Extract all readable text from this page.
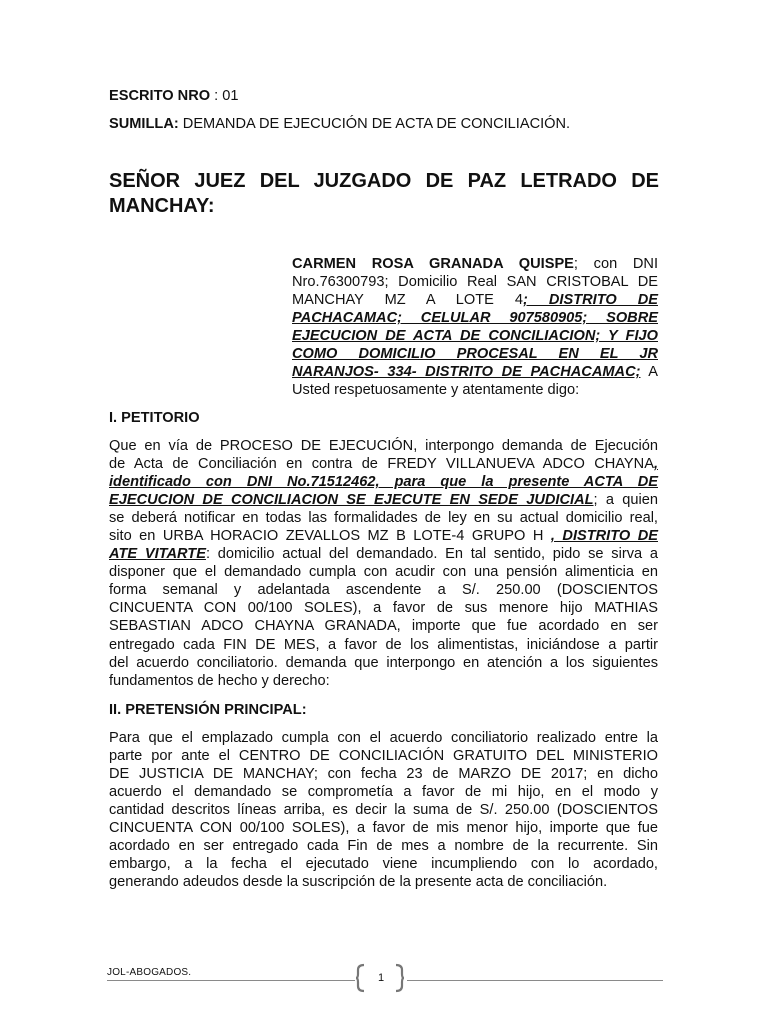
ESCRITO NRO : 01
SUMILLA: DEMANDA DE EJECUCIÓN DE ACTA DE CONCILIACIÓN.
SEÑOR JUEZ DEL JUZGADO DE PAZ LETRADO DE
MANCHAY:
CARMEN ROSA GRANADA QUISPE; con DNI
Nro.76300793; Domicilio Real SAN CRISTOBAL DE
MANCHAY MZ A LOTE 4; DISTRITO DE
PACHACAMAC; CELULAR 907580905; SOBRE
EJECUCION DE ACTA DE CONCILIACION; Y FIJO
COMO DOMICILIO PROCESAL EN EL JR
NARANJOS- 334- DISTRITO DE PACHACAMAC; A
Usted respetuosamente y atentamente digo:
I. PETITORIO
Que en vía de PROCESO DE EJECUCIÓN, interpongo demanda de Ejecución
de Acta de Conciliación en contra de FREDY VILLANUEVA ADCO CHAYNA,
identificado con DNI No.71512462, para que la presente ACTA DE
EJECUCION DE CONCILIACION SE EJECUTE EN SEDE JUDICIAL; a quien
se deberá notificar en todas las formalidades de ley en su actual domicilio real,
sito en URBA HORACIO ZEVALLOS MZ B LOTE-4 GRUPO H , DISTRITO DE
ATE VITARTE: domicilio actual del demandado. En tal sentido, pido se sirva a
disponer que el demandado cumpla con acudir con una pensión alimenticia en
forma semanal y adelantada ascendente a S/. 250.00 (DOSCIENTOS
CINCUENTA CON 00/100 SOLES), a favor de sus menore hijo MATHIAS
SEBASTIAN ADCO CHAYNA GRANADA, importe que fue acordado en ser
entregado cada FIN DE MES, a favor de los alimentistas, iniciándose a partir
del acuerdo conciliatorio. demanda que interpongo en atención a los siguientes
fundamentos de hecho y derecho:
II. PRETENSIÓN PRINCIPAL:
Para que el emplazado cumpla con el acuerdo conciliatorio realizado entre la
parte por ante el CENTRO DE CONCILIACIÓN GRATUITO DEL MINISTERIO
DE JUSTICIA DE MANCHAY; con fecha 23 de MARZO DE 2017; en dicho
acuerdo el demandado se comprometía a favor de mi hijo, en el modo y
cantidad descritos líneas arriba, es decir la suma de S/. 250.00 (DOSCIENTOS
CINCUENTA CON 00/100 SOLES), a favor de mis menor hijo, importe que fue
acordado en ser entregado cada Fin de mes a nombre de la recurrente. Sin
embargo, a la fecha el ejecutado viene incumpliendo con lo acordado,
generando adeudos desde la suscripción de la presente acta de conciliación.
JOL-ABOGADOS.	1
